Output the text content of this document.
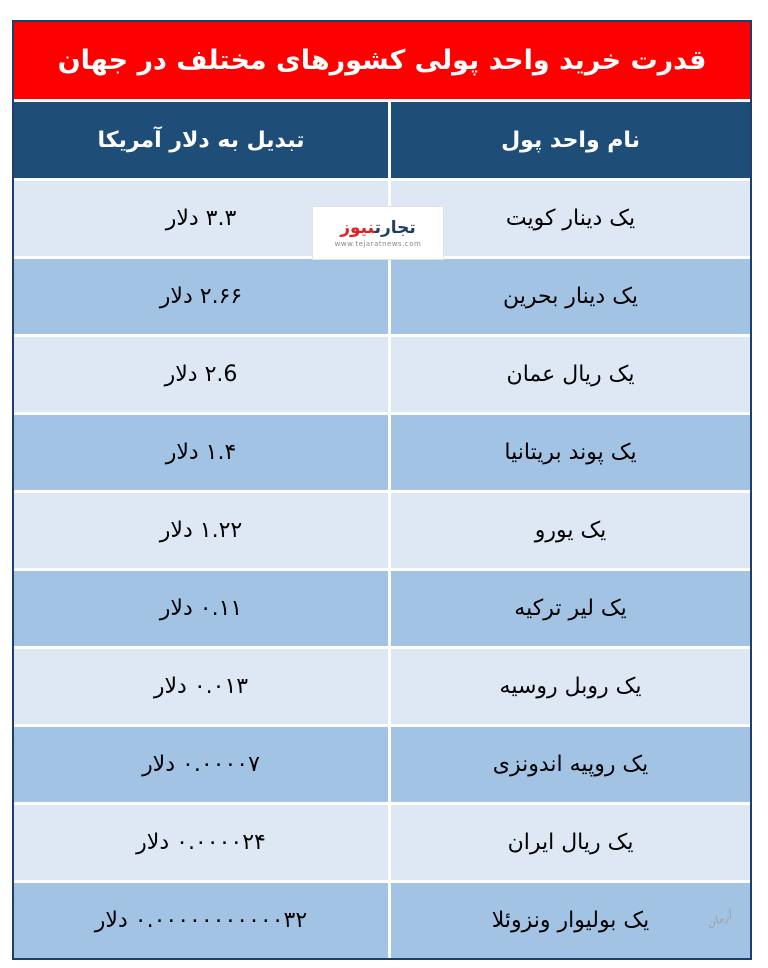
قدرت خرید واحد پولی کشورهای مختلف در جهان
نام واحد پول
تبدیل به دلار آمریکا
یک دینار کویت
۳.۳ دلار
یک دینار بحرین
۲.۶۶ دلار
یک ریال عمان
۲.6 دلار
یک پوند بریتانیا
۱.۴ دلار
یک یورو
۱.۲۲ دلار
یک لیر ترکیه
۰.۱۱ دلار
یک روبل روسیه
۰.۰۱۳ دلار
یک روپیه اندونزی
۰.۰۰۰۰۷ دلار
یک ریال ایران
۰.۰۰۰۰۲۴ دلار
یک بولیوار ونزوئلا
۰.۰۰۰۰۰۰۰۰۰۰۰۳۲ دلار
تجارتنیوز
www.tejaratnews.com
آرمان
